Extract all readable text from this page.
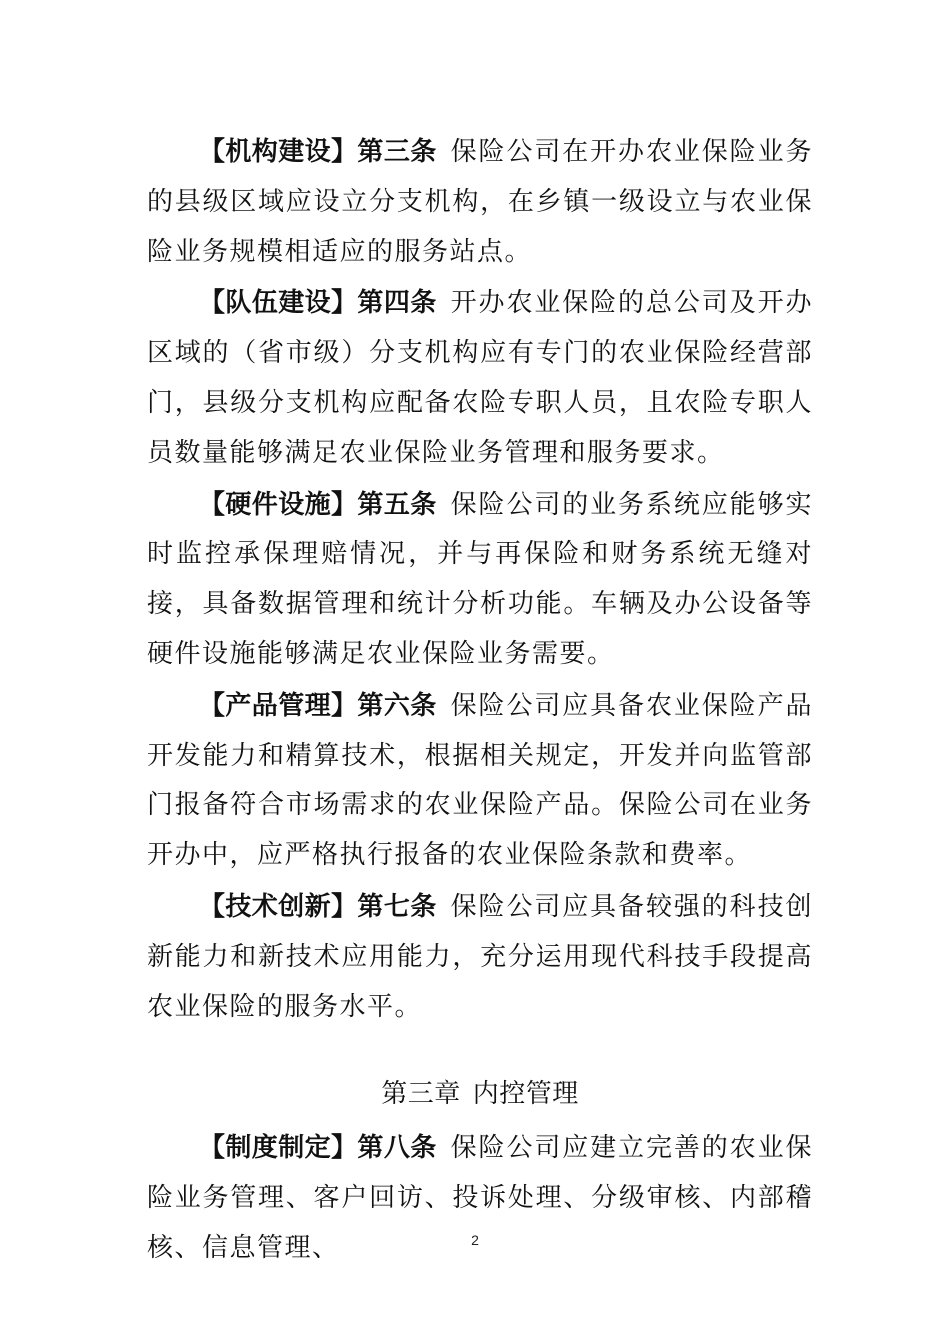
【机构建设】第三条 保险公司在开办农业保险业务的县级区域应设立分支机构，在乡镇一级设立与农业保险业务规模相适应的服务站点。

【队伍建设】第四条 开办农业保险的总公司及开办区域的（省市级）分支机构应有专门的农业保险经营部门，县级分支机构应配备农险专职人员，且农险专职人员数量能够满足农业保险业务管理和服务要求。

【硬件设施】第五条 保险公司的业务系统应能够实时监控承保理赔情况，并与再保险和财务系统无缝对接，具备数据管理和统计分析功能。车辆及办公设备等硬件设施能够满足农业保险业务需要。

【产品管理】第六条 保险公司应具备农业保险产品开发能力和精算技术，根据相关规定，开发并向监管部门报备符合市场需求的农业保险产品。保险公司在业务开办中，应严格执行报备的农业保险条款和费率。

【技术创新】第七条 保险公司应具备较强的科技创新能力和新技术应用能力，充分运用现代科技手段提高农业保险的服务水平。

第三章 内控管理

【制度制定】第八条 保险公司应建立完善的农业保险业务管理、客户回访、投诉处理、分级审核、内部稽核、信息管理、	2
